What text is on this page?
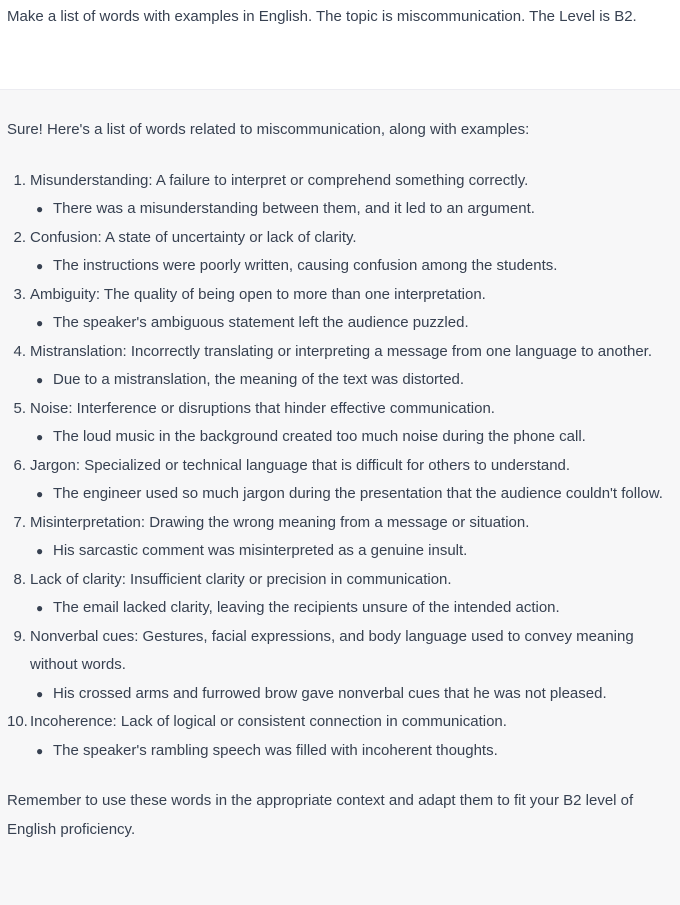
Make a list of words with examples in English. The topic is miscommunication. The Level is B2.

Sure! Here's a list of words related to miscommunication, along with examples:

1. Misunderstanding: A failure to interpret or comprehend something correctly.
● There was a misunderstanding between them, and it led to an argument.
2. Confusion: A state of uncertainty or lack of clarity.
● The instructions were poorly written, causing confusion among the students.
3. Ambiguity: The quality of being open to more than one interpretation.
● The speaker's ambiguous statement left the audience puzzled.
4. Mistranslation: Incorrectly translating or interpreting a message from one language to another.
● Due to a mistranslation, the meaning of the text was distorted.
5. Noise: Interference or disruptions that hinder effective communication.
● The loud music in the background created too much noise during the phone call.
6. Jargon: Specialized or technical language that is difficult for others to understand.
● The engineer used so much jargon during the presentation that the audience couldn't follow.
7. Misinterpretation: Drawing the wrong meaning from a message or situation.
● His sarcastic comment was misinterpreted as a genuine insult.
8. Lack of clarity: Insufficient clarity or precision in communication.
● The email lacked clarity, leaving the recipients unsure of the intended action.
9. Nonverbal cues: Gestures, facial expressions, and body language used to convey meaning without words.
● His crossed arms and furrowed brow gave nonverbal cues that he was not pleased.
10. Incoherence: Lack of logical or consistent connection in communication.
● The speaker's rambling speech was filled with incoherent thoughts.

Remember to use these words in the appropriate context and adapt them to fit your B2 level of English proficiency.
